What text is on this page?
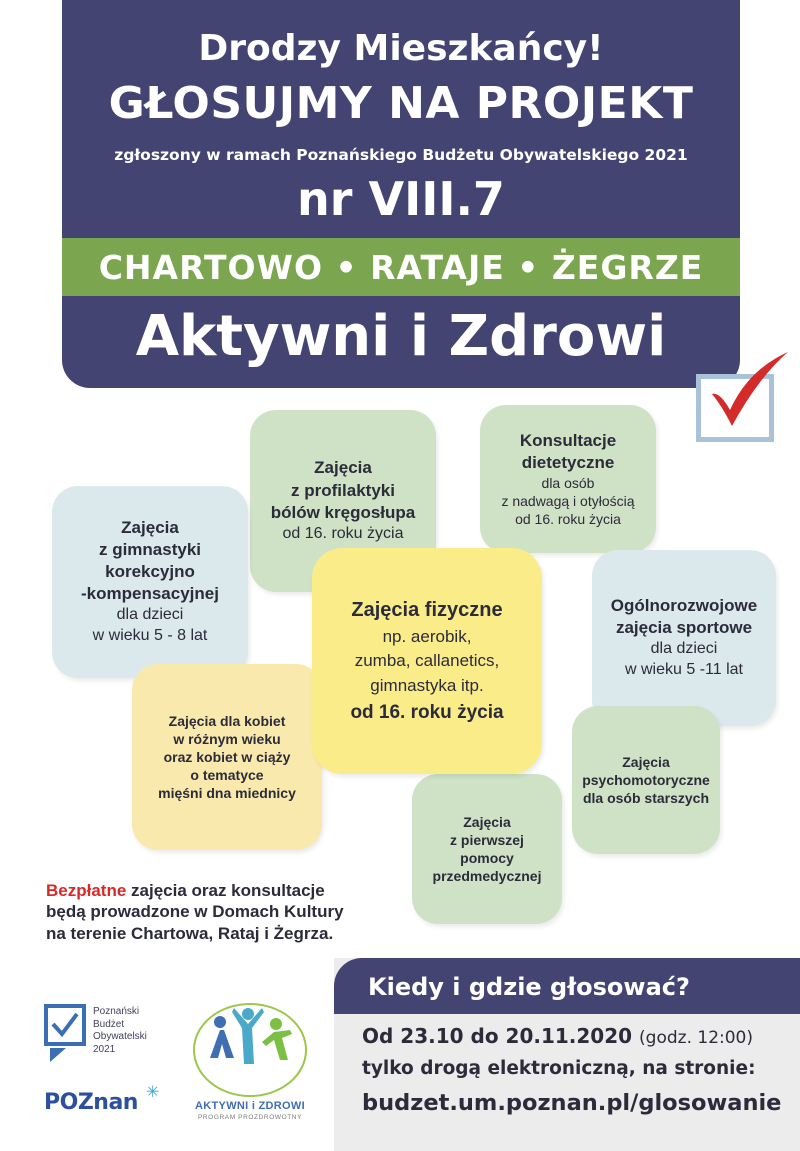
Drodzy Mieszkańcy!
GŁOSUJMY NA PROJEKT
zgłoszony w ramach Poznańskiego Budżetu Obywatelskiego 2021
nr VIII.7
CHARTOWO • RATAJE • ŻEGRZE
Aktywni i Zdrowi
Zajęcia
z profilaktyki
bólów kręgosłupa
od 16. roku życia
Konsultacje
dietetyczne
dla osób
z nadwagą i otyłością
od 16. roku życia
Zajęcia
z gimnastyki
korekcyjno
-kompensacyjnej
dla dzieci
w wieku 5 - 8 lat
Ogólnorozwojowe
zajęcia sportowe
dla dzieci
w wieku 5 -11 lat
Zajęcia dla kobiet
w różnym wieku
oraz kobiet w ciąży
o tematyce
mięśni dna miednicy
Zajęcia
psychomotoryczne
dla osób starszych
Zajęcia
z pierwszej
pomocy
przedmedycznej
Zajęcia fizyczne
np. aerobik,
zumba, callanetics,
gimnastyka itp.
od 16. roku życia
Bezpłatne zajęcia oraz konsultacje
będą prowadzone w Domach Kultury
na terenie Chartowa, Rataj i Żegrza.
Kiedy i gdzie głosować?
Od 23.10 do 20.11.2020 (godz. 12:00)
tylko drogą elektroniczną, na stronie:
budzet.um.poznan.pl/glosowanie
Poznański
Budżet
Obywatelski
2021
POZnan ✳
AKTYWNI i ZDROWI
PROGRAM PROZDROWOTNY
